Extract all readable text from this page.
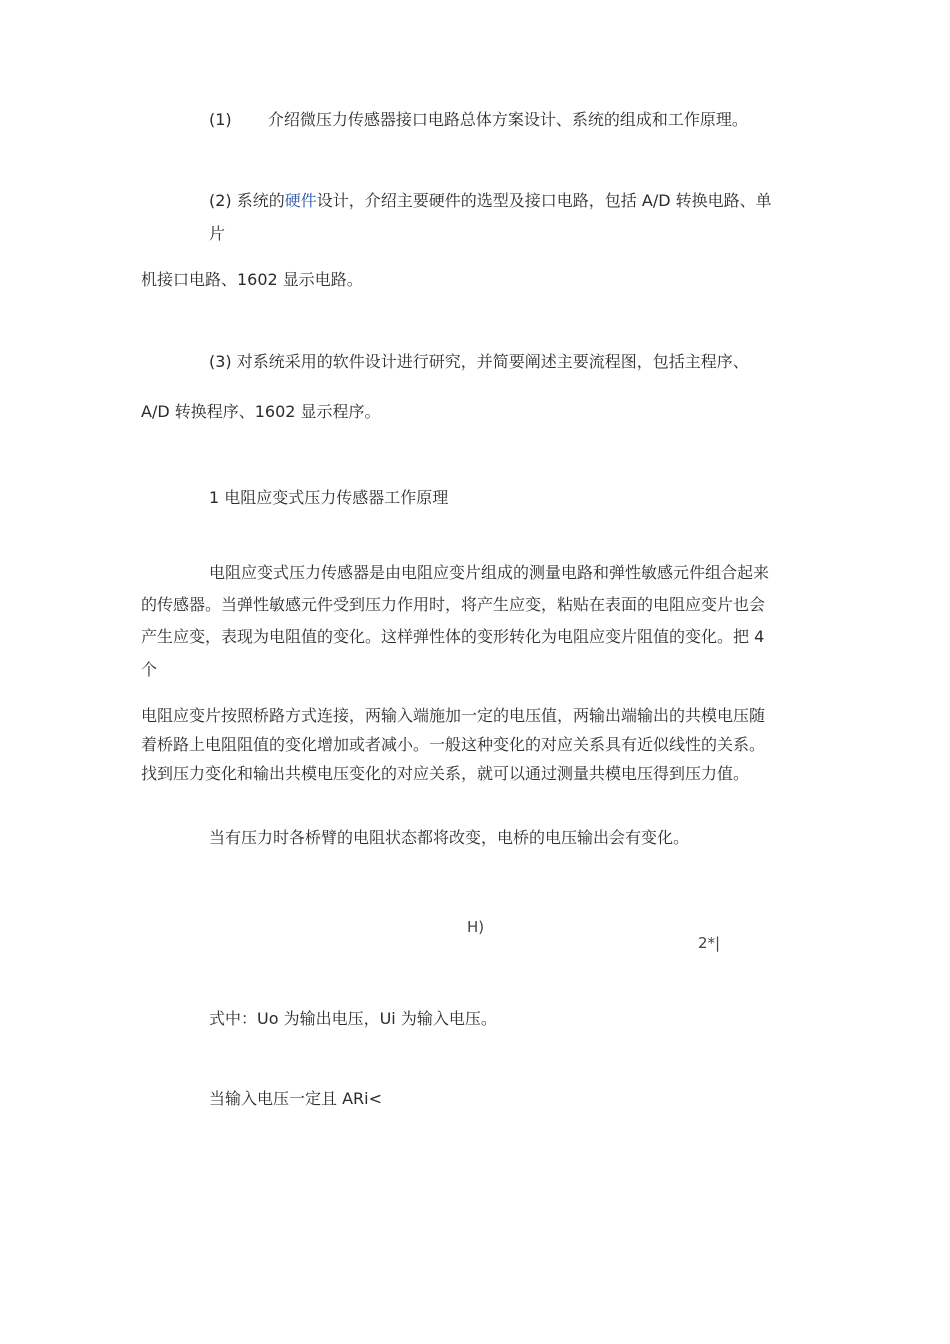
(1) 介绍微压力传感器接口电路总体方案设计、系统的组成和工作原理。
(2) 系统的硬件设计，介绍主要硬件的选型及接口电路，包括 A/D 转换电路、单
片
机接口电路、1602 显示电路。
(3) 对系统采用的软件设计进行研究，并简要阐述主要流程图，包括主程序、
A/D 转换程序、1602 显示程序。
1 电阻应变式压力传感器工作原理
电阻应变式压力传感器是由电阻应变片组成的测量电路和弹性敏感元件组合起来
的传感器。当弹性敏感元件受到压力作用时，将产生应变，粘贴在表面的电阻应变片也会
产生应变，表现为电阻值的变化。这样弹性体的变形转化为电阻应变片阻值的变化。把 4
个
电阻应变片按照桥路方式连接，两输入端施加一定的电压值，两输出端输出的共模电压随
着桥路上电阻阻值的变化增加或者减小。一般这种变化的对应关系具有近似线性的关系。
找到压力变化和输出共模电压变化的对应关系，就可以通过测量共模电压得到压力值。
当有压力时各桥臂的电阻状态都将改变，电桥的电压输出会有变化。
H)
2*|
式中：Uo 为输出电压，Ui 为输入电压。
当输入电压一定且 ARi<
